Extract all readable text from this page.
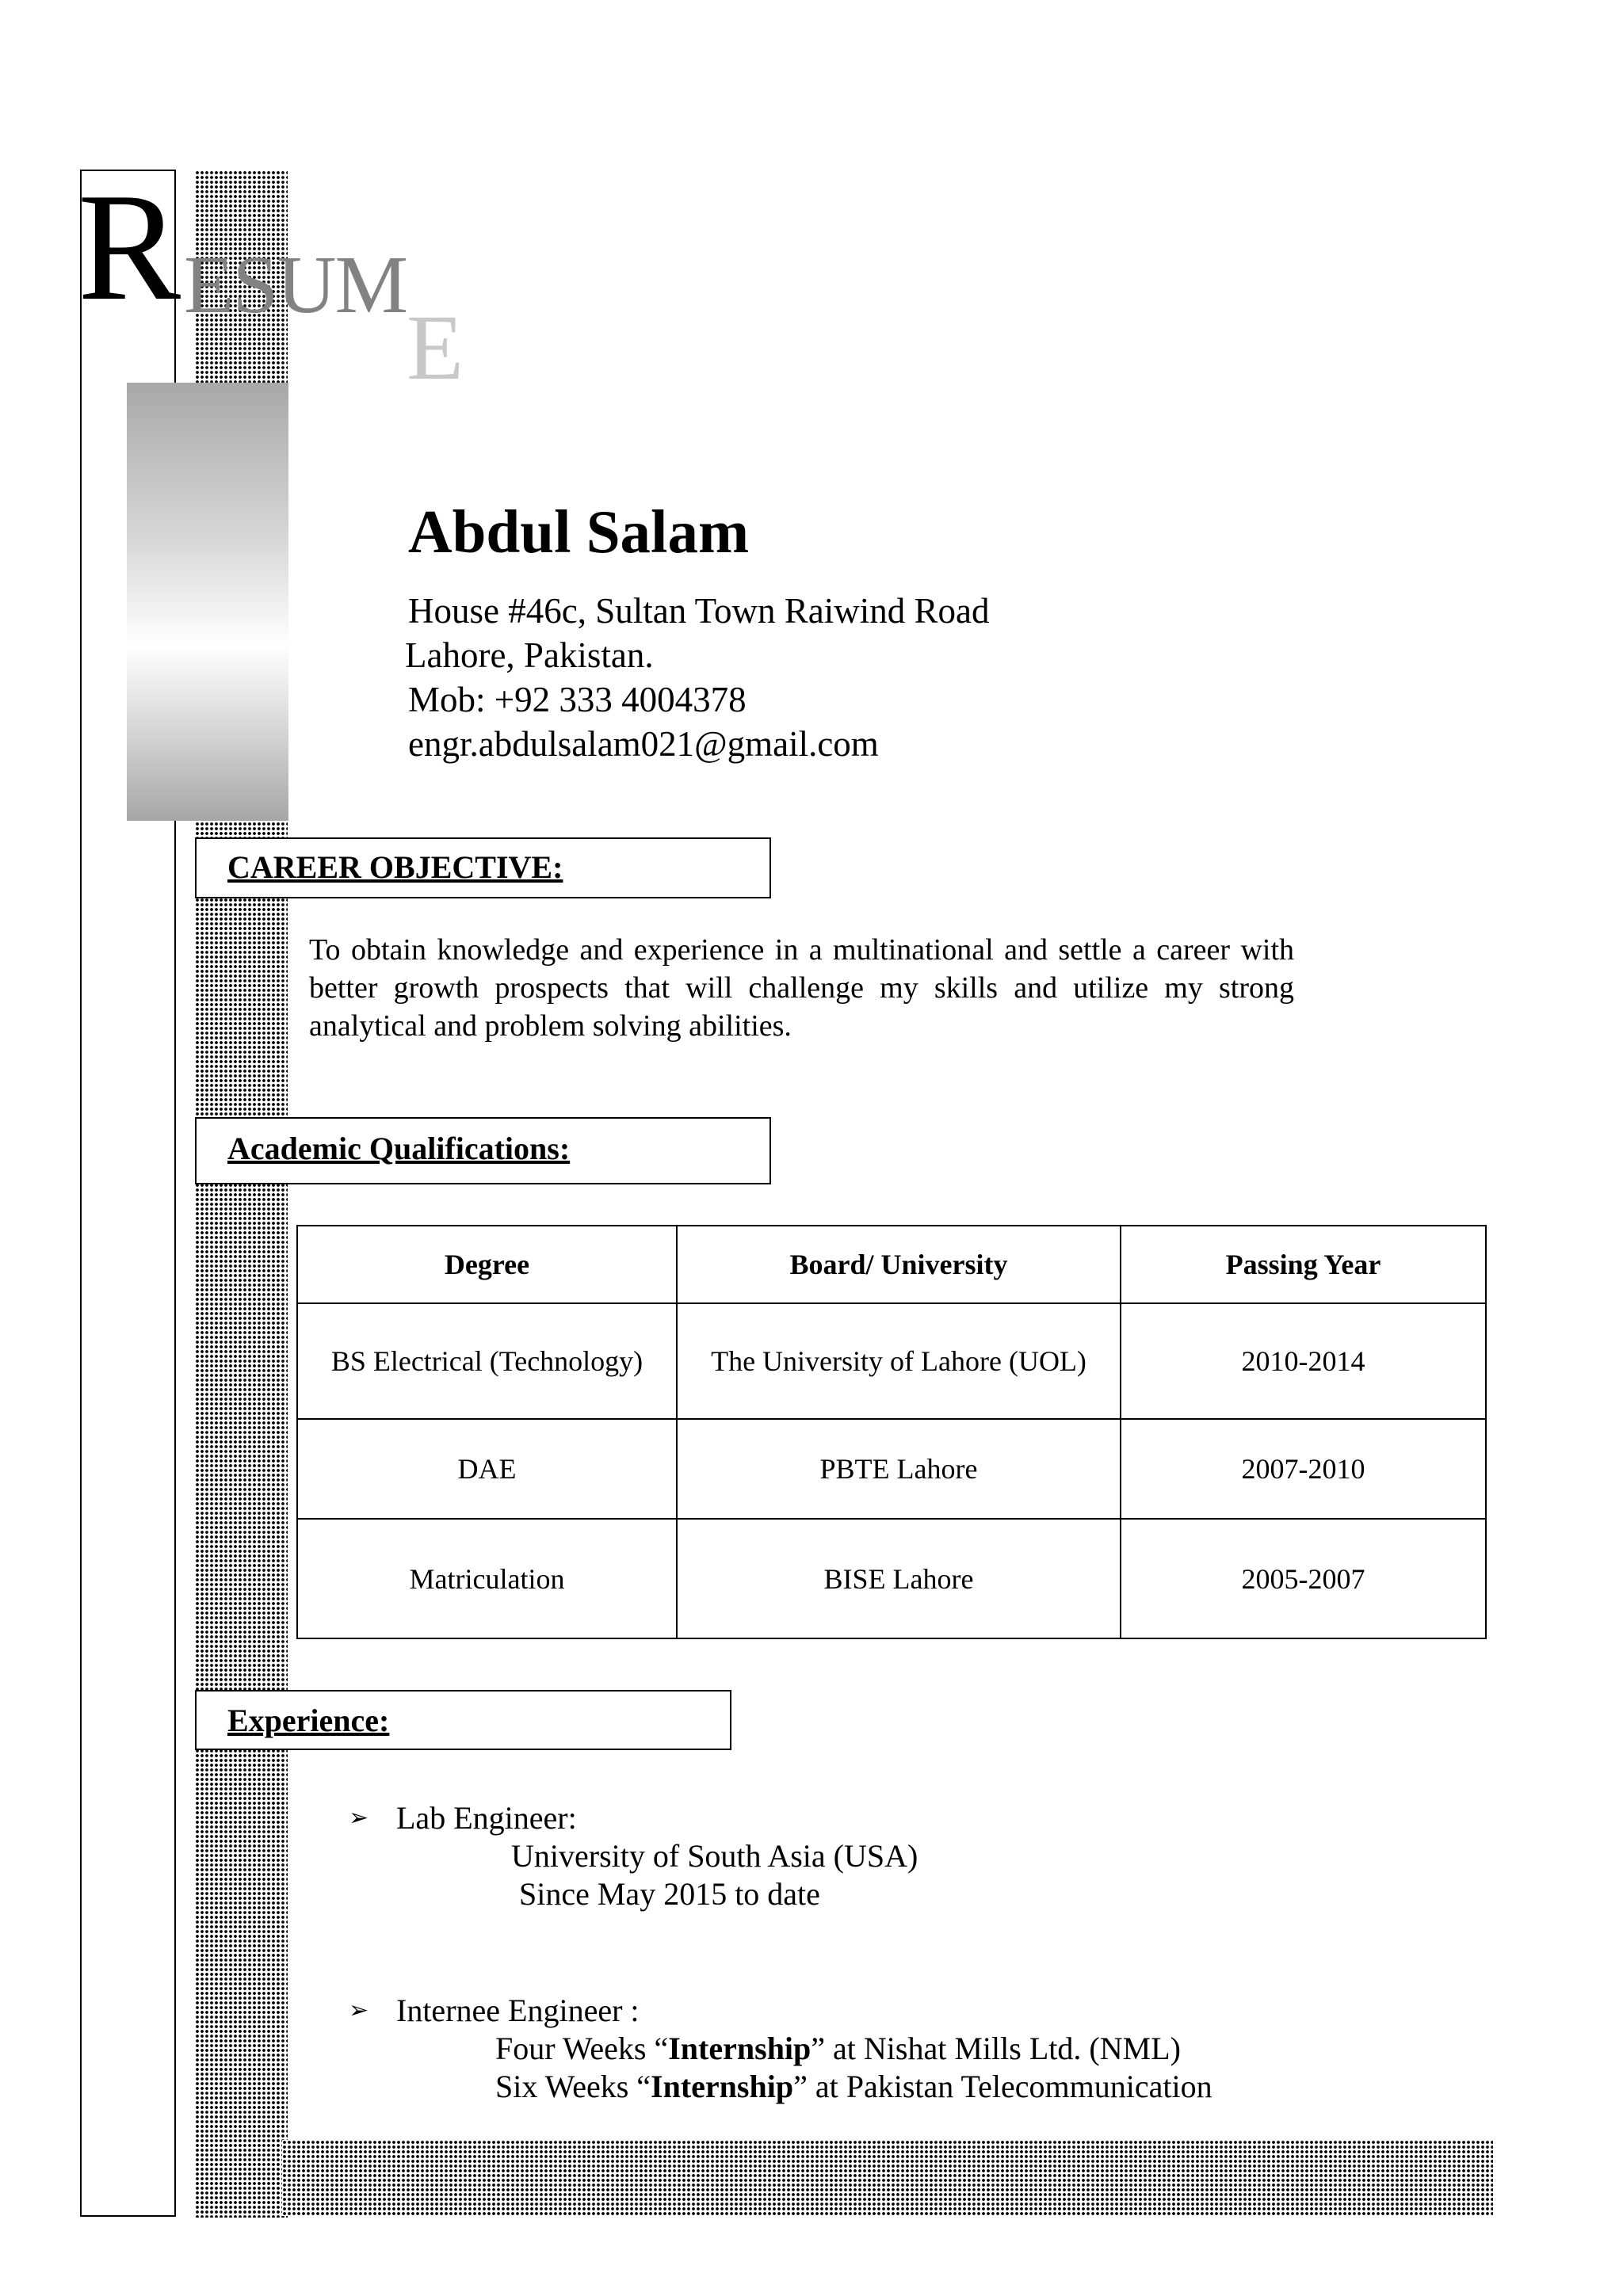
R ESUM
E
Abdul Salam
House #46c, Sultan Town Raiwind Road
Lahore, Pakistan.
Mob: +92 333 4004378
engr.abdulsalam021@gmail.com
CAREER OBJECTIVE:
To obtain knowledge and experience in a multinational and settle a career with better growth prospects that will challenge my skills and utilize my strong analytical and problem solving abilities.
Academic Qualifications:
Degree	Board/ University	Passing Year
BS Electrical (Technology)	The University of Lahore (UOL)	2010-2014
DAE	PBTE Lahore	2007-2010
Matriculation	BISE Lahore	2005-2007
Experience:
➢ Lab Engineer:
University of South Asia (USA)
Since May 2015 to date
➢ Internee Engineer :
Four Weeks “Internship” at Nishat Mills Ltd. (NML)
Six Weeks “Internship” at Pakistan Telecommunication
